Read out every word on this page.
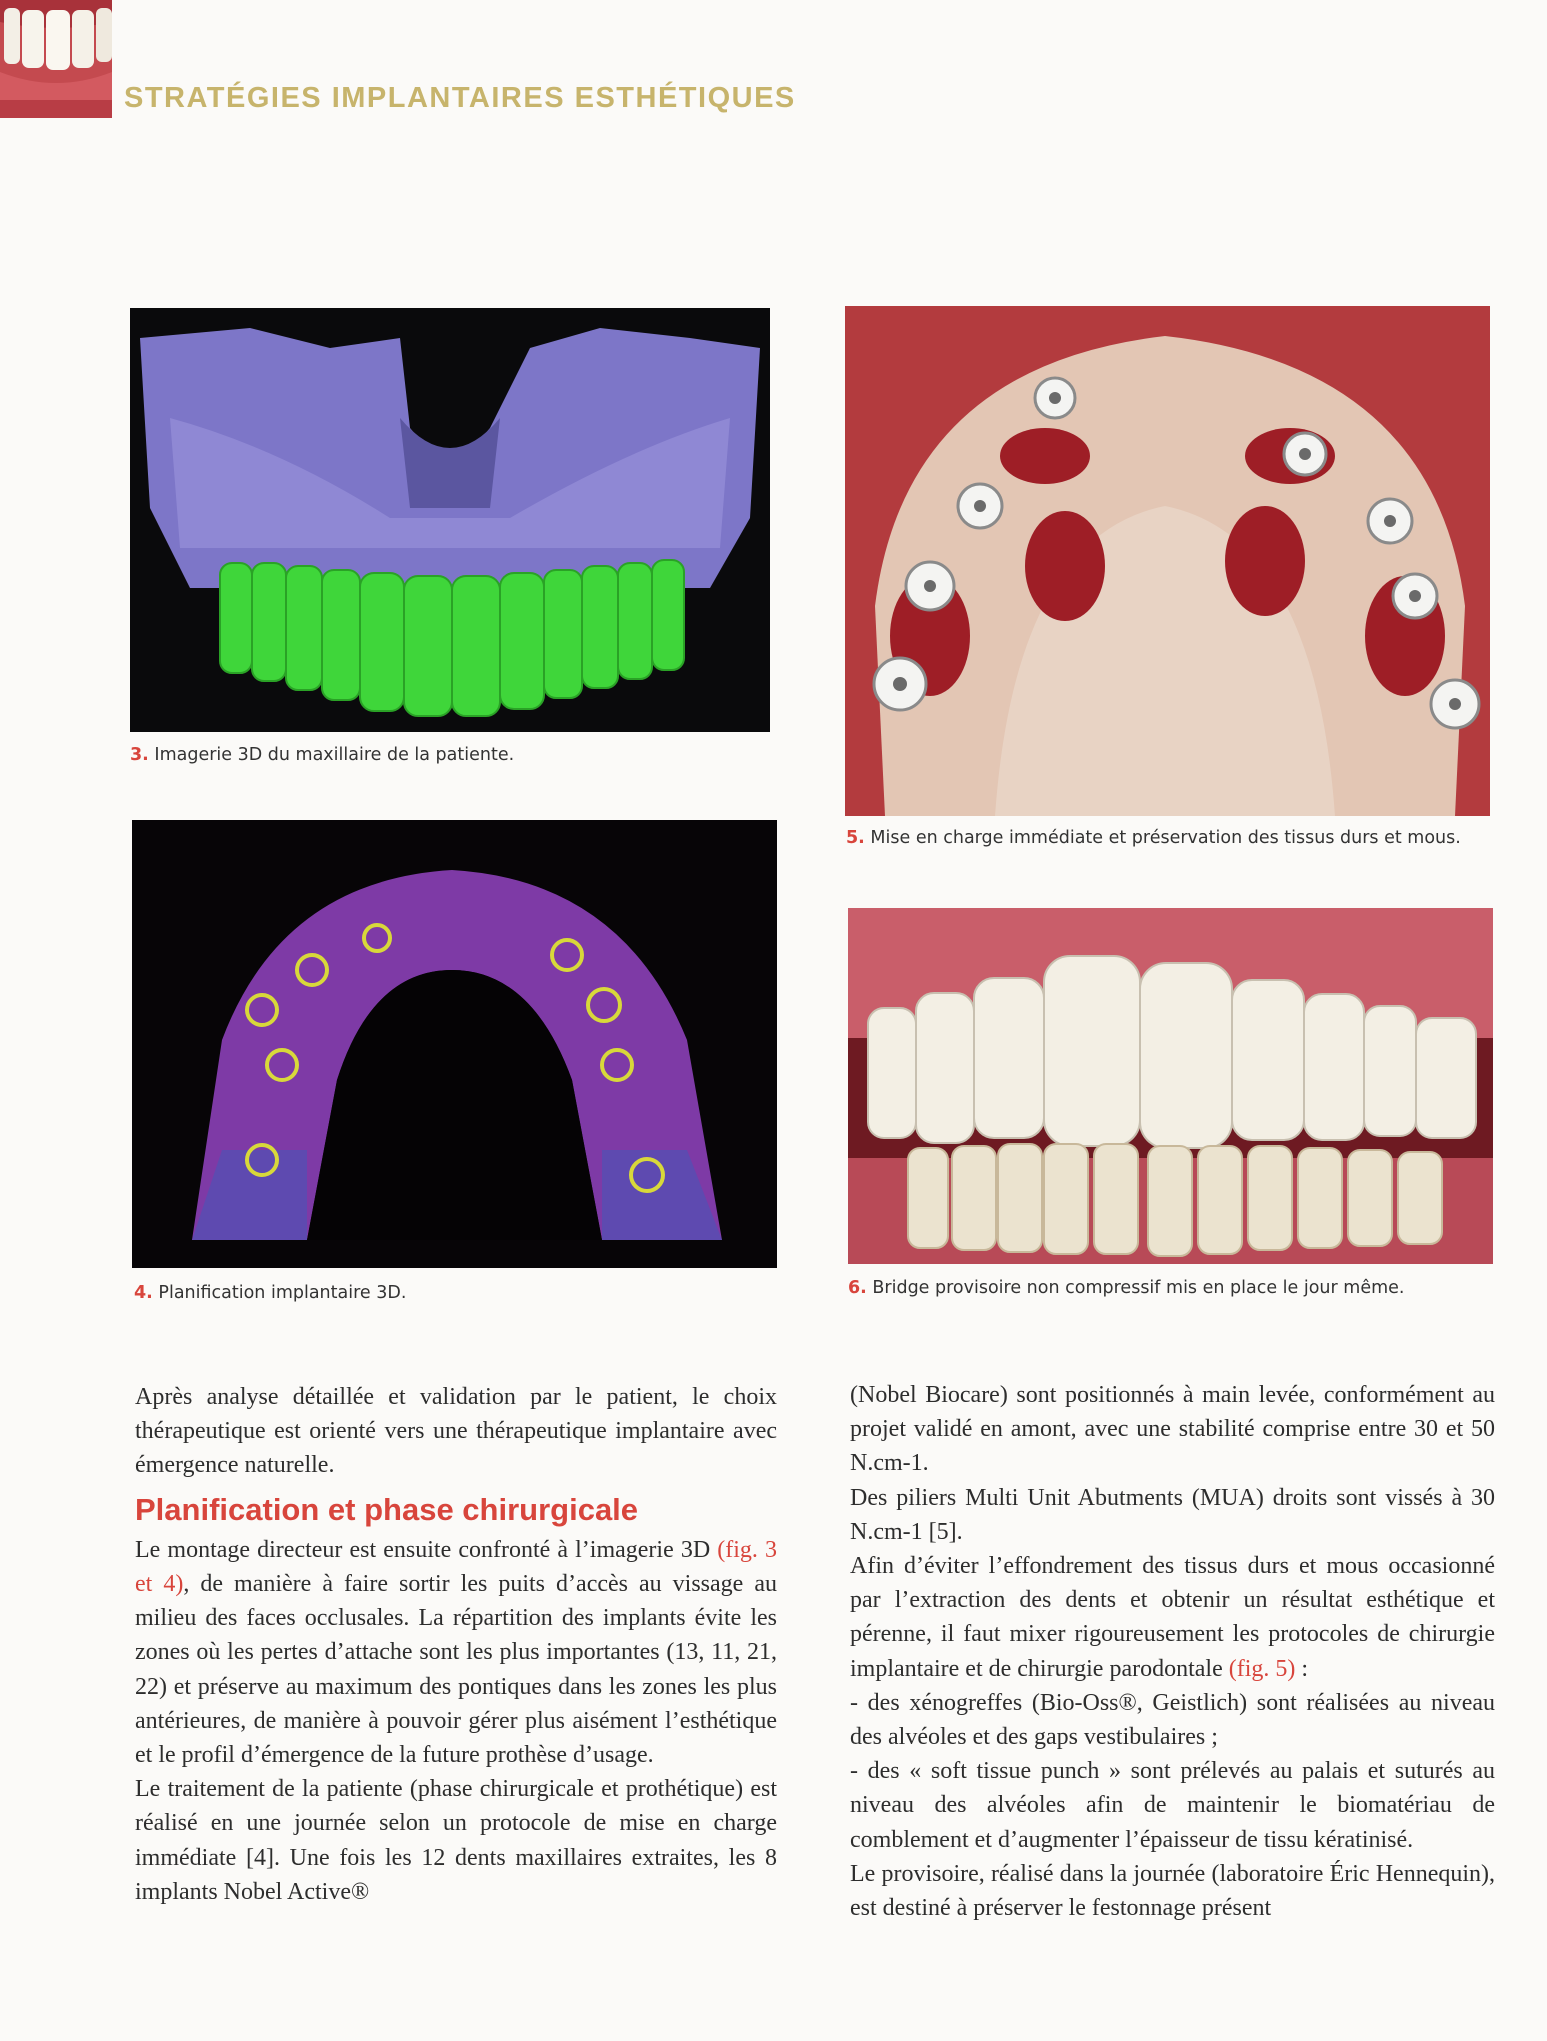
STRATÉGIES IMPLANTAIRES ESTHÉTIQUES
3. Imagerie 3D du maxillaire de la patiente.
4. Planification implantaire 3D.
5. Mise en charge immédiate et préservation des tissus durs et mous.
6. Bridge provisoire non compressif mis en place le jour même.

Après analyse détaillée et validation par le patient, le choix thérapeutique est orienté vers une thérapeutique implantaire avec émergence naturelle.

Planification et phase chirurgicale

Le montage directeur est ensuite confronté à l’imagerie 3D (fig. 3 et 4), de manière à faire sortir les puits d’accès au vissage au milieu des faces occlusales. La répartition des implants évite les zones où les pertes d’attache sont les plus importantes (13, 11, 21, 22) et préserve au maximum des pontiques dans les zones les plus antérieures, de manière à pouvoir gérer plus aisément l’esthétique et le profil d’émergence de la future prothèse d’usage.

Le traitement de la patiente (phase chirurgicale et prothétique) est réalisé en une journée selon un protocole de mise en charge immédiate [4]. Une fois les 12 dents maxillaires extraites, les 8 implants Nobel Active®

(Nobel Biocare) sont positionnés à main levée, conformément au projet validé en amont, avec une stabilité comprise entre 30 et 50 N.cm-1.

Des piliers Multi Unit Abutments (MUA) droits sont vissés à 30 N.cm-1 [5].

Afin d’éviter l’effondrement des tissus durs et mous occasionné par l’extraction des dents et obtenir un résultat esthétique et pérenne, il faut mixer rigoureusement les protocoles de chirurgie implantaire et de chirurgie parodontale (fig. 5) :

- des xénogreffes (Bio-Oss®, Geistlich) sont réalisées au niveau des alvéoles et des gaps vestibulaires ;

- des « soft tissue punch » sont prélevés au palais et suturés au niveau des alvéoles afin de maintenir le biomatériau de comblement et d’augmenter l’épaisseur de tissu kératinisé.

Le provisoire, réalisé dans la journée (laboratoire Éric Hennequin), est destiné à préserver le festonnage présent
